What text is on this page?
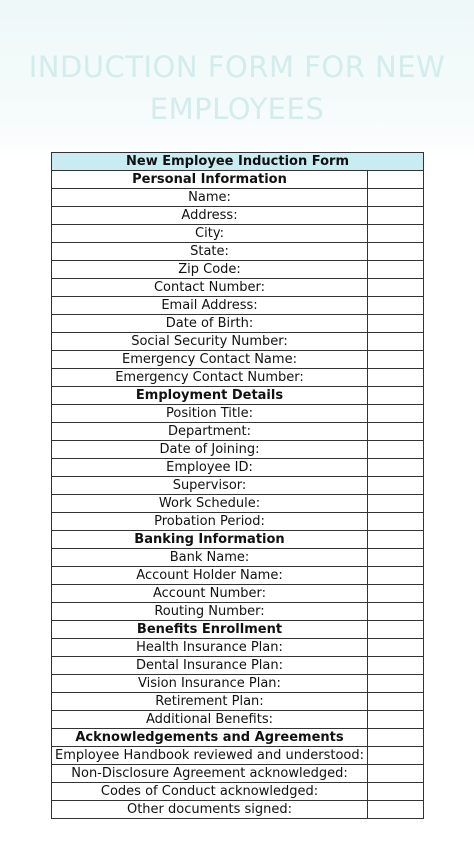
INDUCTION FORM FOR NEW
EMPLOYEES
New Employee Induction Form	
Personal Information	
Name:	
Address:	
City:	
State:	
Zip Code:	
Contact Number:	
Email Address:	
Date of Birth:	
Social Security Number:	
Emergency Contact Name:	
Emergency Contact Number:	
Employment Details	
Position Title:	
Department:	
Date of Joining:	
Employee ID:	
Supervisor:	
Work Schedule:	
Probation Period:	
Banking Information	
Bank Name:	
Account Holder Name:	
Account Number:	
Routing Number:	
Benefits Enrollment	
Health Insurance Plan:	
Dental Insurance Plan:	
Vision Insurance Plan:	
Retirement Plan:	
Additional Benefits:	
Acknowledgements and Agreements	
Employee Handbook reviewed and understood:	
Non-Disclosure Agreement acknowledged:	
Codes of Conduct acknowledged:	
Other documents signed:	
